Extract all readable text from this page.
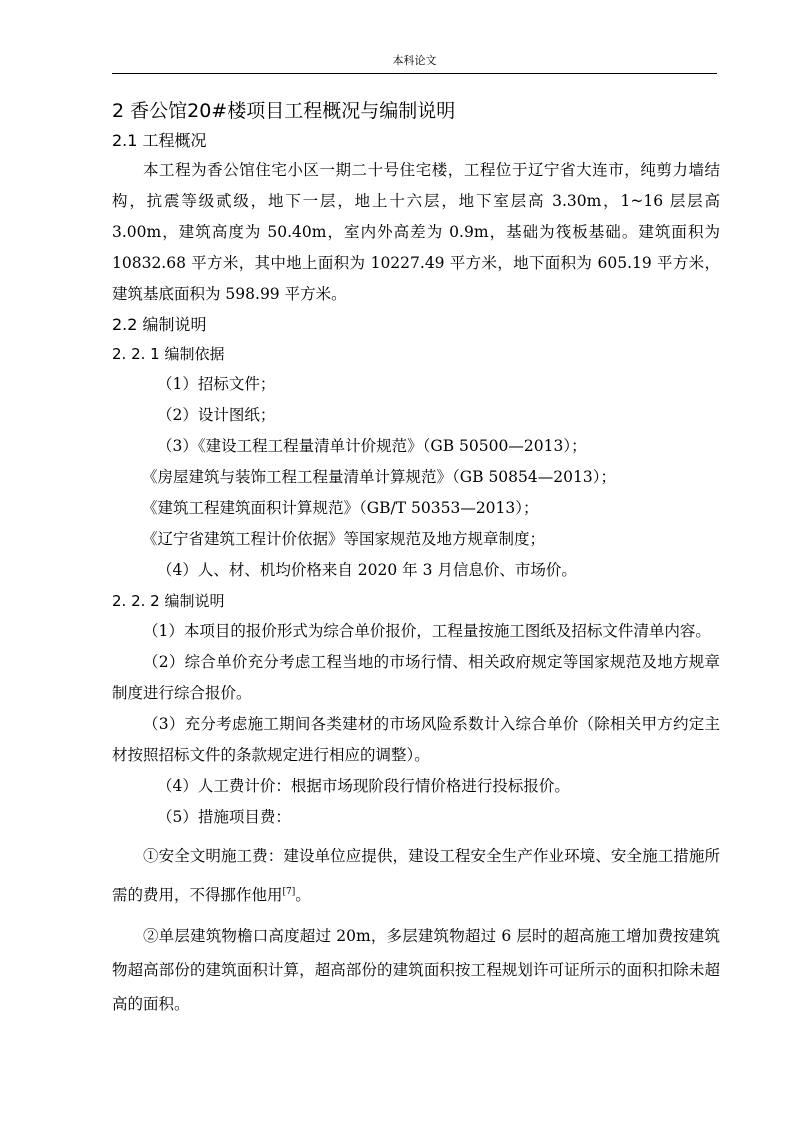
本科论文
2 香公馆20#楼项目工程概况与编制说明
2.1 工程概况
本工程为香公馆住宅小区一期二十号住宅楼，工程位于辽宁省大连市，纯剪力墙结构，抗震等级贰级，地下一层，地上十六层，地下室层高 3.30m，1~16 层层高 3.00m，建筑高度为 50.40m，室内外高差为 0.9m，基础为筏板基础。建筑面积为 10832.68 平方米，其中地上面积为 10227.49 平方米，地下面积为 605.19 平方米，建筑基底面积为 598.99 平方米。
2.2 编制说明
2. 2. 1 编制依据
（1）招标文件；
（2）设计图纸；
（3）《建设工程工程量清单计价规范》（GB 50500—2013）；
《房屋建筑与装饰工程工程量清单计算规范》（GB 50854—2013）；
《建筑工程建筑面积计算规范》（GB/T 50353—2013）；
《辽宁省建筑工程计价依据》等国家规范及地方规章制度；
（4）人、材、机均价格来自 2020 年 3 月信息价、市场价。
2. 2. 2 编制说明
（1）本项目的报价形式为综合单价报价，工程量按施工图纸及招标文件清单内容。
（2）综合单价充分考虑工程当地的市场行情、相关政府规定等国家规范及地方规章制度进行综合报价。
（3）充分考虑施工期间各类建材的市场风险系数计入综合单价（除相关甲方约定主材按照招标文件的条款规定进行相应的调整）。
（4）人工费计价：根据市场现阶段行情价格进行投标报价。
（5）措施项目费：
①安全文明施工费：建设单位应提供，建设工程安全生产作业环境、安全施工措施所需的费用，不得挪作他用[7]。
②单层建筑物檐口高度超过 20m，多层建筑物超过 6 层时的超高施工增加费按建筑物超高部份的建筑面积计算，超高部份的建筑面积按工程规划许可证所示的面积扣除未超高的面积。
